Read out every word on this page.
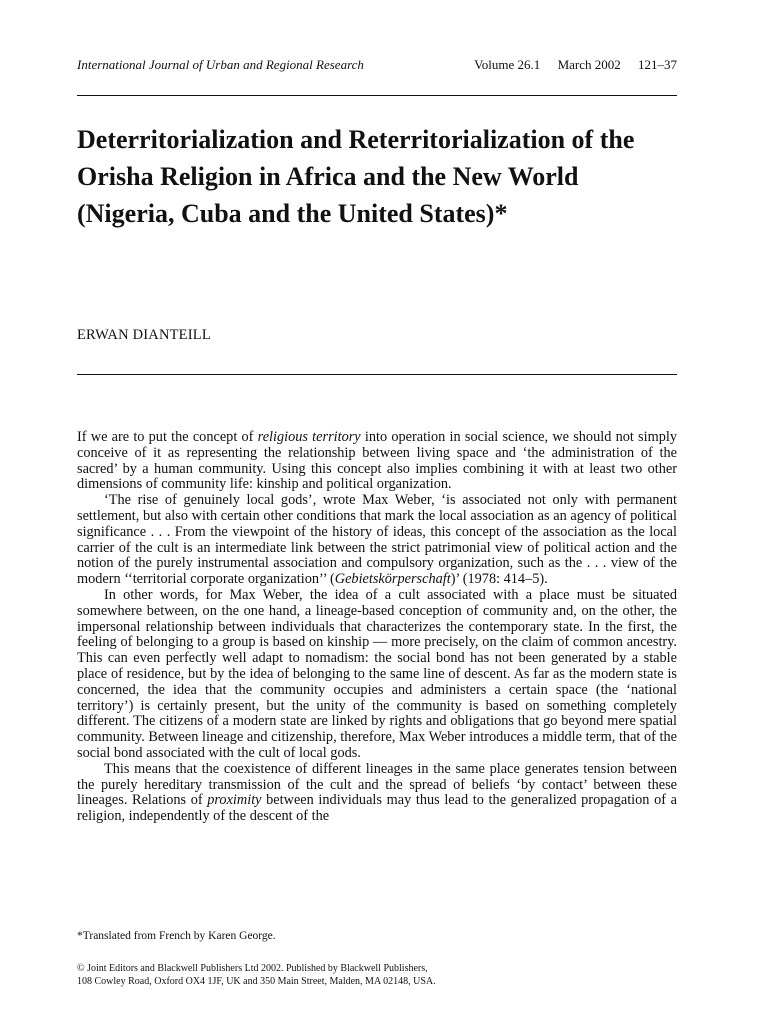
International Journal of Urban and Regional Research	Volume 26.1 March 2002 121–37
Deterritorialization and Reterritorialization of the Orisha Religion in Africa and the New World (Nigeria, Cuba and the United States)*
ERWAN DIANTEILL

If we are to put the concept of religious territory into operation in social science, we should not simply conceive of it as representing the relationship between living space and ‘the administration of the sacred’ by a human community. Using this concept also implies combining it with at least two other dimensions of community life: kinship and political organization.

‘The rise of genuinely local gods’, wrote Max Weber, ‘is associated not only with permanent settlement, but also with certain other conditions that mark the local association as an agency of political significance . . . From the viewpoint of the history of ideas, this concept of the association as the local carrier of the cult is an intermediate link between the strict patrimonial view of political action and the notion of the purely instrumental association and compulsory organization, such as the . . . view of the modern ‘‘territorial corporate organization’’ (Gebietskörperschaft)’ (1978: 414–5).

In other words, for Max Weber, the idea of a cult associated with a place must be situated somewhere between, on the one hand, a lineage-based conception of community and, on the other, the impersonal relationship between individuals that characterizes the contemporary state. In the first, the feeling of belonging to a group is based on kinship — more precisely, on the claim of common ancestry. This can even perfectly well adapt to nomadism: the social bond has not been generated by a stable place of residence, but by the idea of belonging to the same line of descent. As far as the modern state is concerned, the idea that the community occupies and administers a certain space (the ‘national territory’) is certainly present, but the unity of the community is based on something completely different. The citizens of a modern state are linked by rights and obligations that go beyond mere spatial community. Between lineage and citizenship, therefore, Max Weber introduces a middle term, that of the social bond associated with the cult of local gods.

This means that the coexistence of different lineages in the same place generates tension between the purely hereditary transmission of the cult and the spread of beliefs ‘by contact’ between these lineages. Relations of proximity between individuals may thus lead to the generalized propagation of a religion, independently of the descent of the

*Translated from French by Karen George.
© Joint Editors and Blackwell Publishers Ltd 2002. Published by Blackwell Publishers,
108 Cowley Road, Oxford OX4 1JF, UK and 350 Main Street, Malden, MA 02148, USA.
